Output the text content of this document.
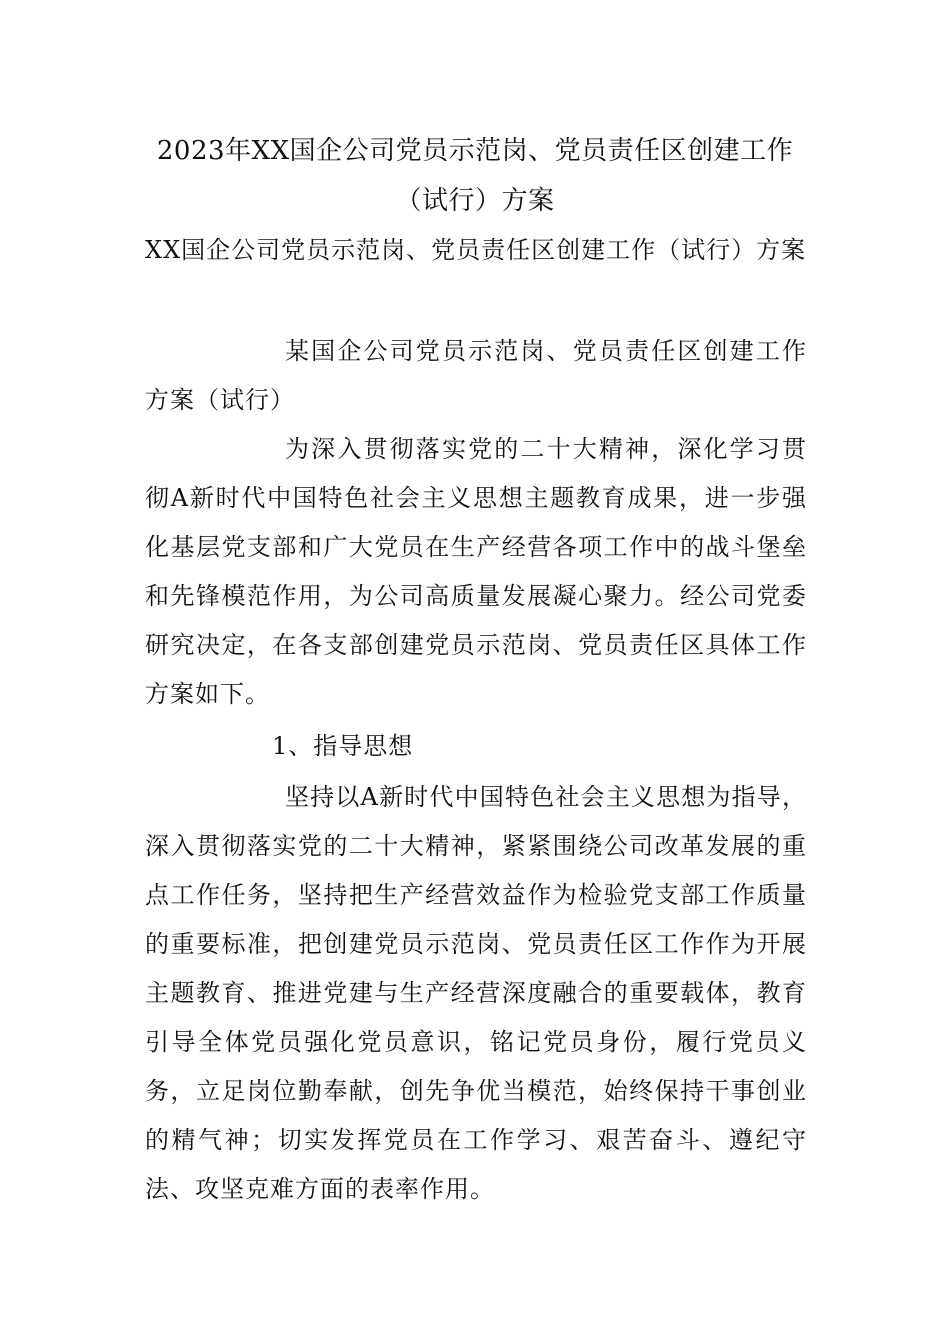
2023年XX国企公司党员示范岗、党员责任区创建工作
（试行）方案
XX国企公司党员示范岗、党员责任区创建工作（试行）方案
某国企公司党员示范岗、党员责任区创建工作方案（试行）
为深入贯彻落实党的二十大精神，深化学习贯彻A新时代中国特色社会主义思想主题教育成果，进一步强化基层党支部和广大党员在生产经营各项工作中的战斗堡垒和先锋模范作用，为公司高质量发展凝心聚力。经公司党委研究决定，在各支部创建党员示范岗、党员责任区具体工作方案如下。
1、指导思想
坚持以A新时代中国特色社会主义思想为指导，深入贯彻落实党的二十大精神，紧紧围绕公司改革发展的重点工作任务，坚持把生产经营效益作为检验党支部工作质量的重要标准，把创建党员示范岗、党员责任区工作作为开展主题教育、推进党建与生产经营深度融合的重要载体，教育引导全体党员强化党员意识，铭记党员身份，履行党员义务，立足岗位勤奉献，创先争优当模范，始终保持干事创业的精气神；切实发挥党员在工作学习、艰苦奋斗、遵纪守法、攻坚克难方面的表率作用。
